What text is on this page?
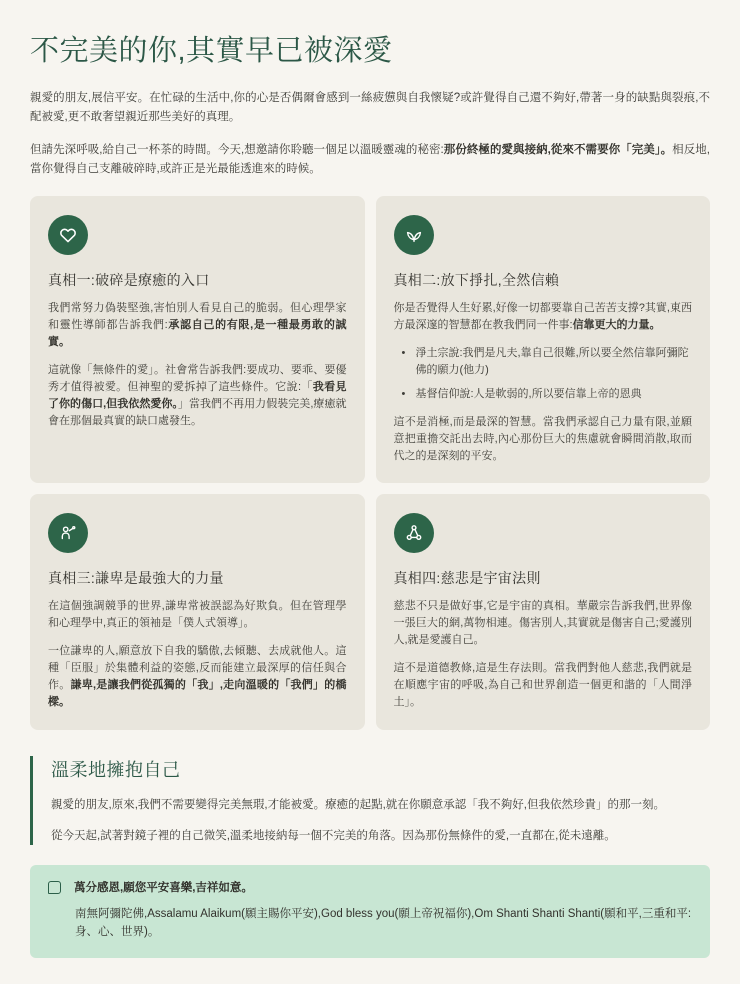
不完美的你,其實早已被深愛

親愛的朋友,展信平安。在忙碌的生活中,你的心是否偶爾會感到一絲疲憊與自我懷疑?或許覺得自己還不夠好,帶著一身的缺點與裂痕,不配被愛,更不敢奢望親近那些美好的真理。

但請先深呼吸,給自己一杯茶的時間。今天,想邀請你聆聽一個足以溫暖靈魂的秘密:那份終極的愛與接納,從來不需要你「完美」。相反地,當你覺得自己支離破碎時,或許正是光最能透進來的時候。

真相一:破碎是療癒的入口

我們常努力偽裝堅強,害怕別人看見自己的脆弱。但心理學家和靈性導師都告訴我們:承認自己的有限,是一種最勇敢的誠實。

這就像「無條件的愛」。社會常告訴我們:要成功、要乖、要優秀才值得被愛。但神聖的愛拆掉了這些條件。它說:「我看見了你的傷口,但我依然愛你。」當我們不再用力假裝完美,療癒就會在那個最真實的缺口處發生。

真相二:放下掙扎,全然信賴

你是否覺得人生好累,好像一切都要靠自己苦苦支撐?其實,東西方最深邃的智慧都在教我們同一件事:信靠更大的力量。

• 淨土宗說:我們是凡夫,靠自己很難,所以要全然信靠阿彌陀佛的願力(他力)
• 基督信仰說:人是軟弱的,所以要信靠上帝的恩典

這不是消極,而是最深的智慧。當我們承認自己力量有限,並願意把重擔交託出去時,內心那份巨大的焦慮就會瞬間消散,取而代之的是深刻的平安。

真相三:謙卑是最強大的力量

在這個強調競爭的世界,謙卑常被誤認為好欺負。但在管理學和心理學中,真正的領袖是「僕人式領導」。

一位謙卑的人,願意放下自我的驕傲,去傾聽、去成就他人。這種「臣服」於集體利益的姿態,反而能建立最深厚的信任與合作。謙卑,是讓我們從孤獨的「我」,走向溫暖的「我們」的橋樑。

真相四:慈悲是宇宙法則

慈悲不只是做好事,它是宇宙的真相。華嚴宗告訴我們,世界像一張巨大的網,萬物相連。傷害別人,其實就是傷害自己;愛護別人,就是愛護自己。

這不是道德教條,這是生存法則。當我們對他人慈悲,我們就是在順應宇宙的呼吸,為自己和世界創造一個更和諧的「人間淨土」。

溫柔地擁抱自己

親愛的朋友,原來,我們不需要變得完美無瑕,才能被愛。療癒的起點,就在你願意承認「我不夠好,但我依然珍貴」的那一刻。

從今天起,試著對鏡子裡的自己微笑,溫柔地接納每一個不完美的角落。因為那份無條件的愛,一直都在,從未遠離。

萬分感恩,願您平安喜樂,吉祥如意。

南無阿彌陀佛,Assalamu Alaikum(願主賜你平安),God bless you(願上帝祝福你),Om Shanti Shanti Shanti(願和平,三重和平:身、心、世界)。
